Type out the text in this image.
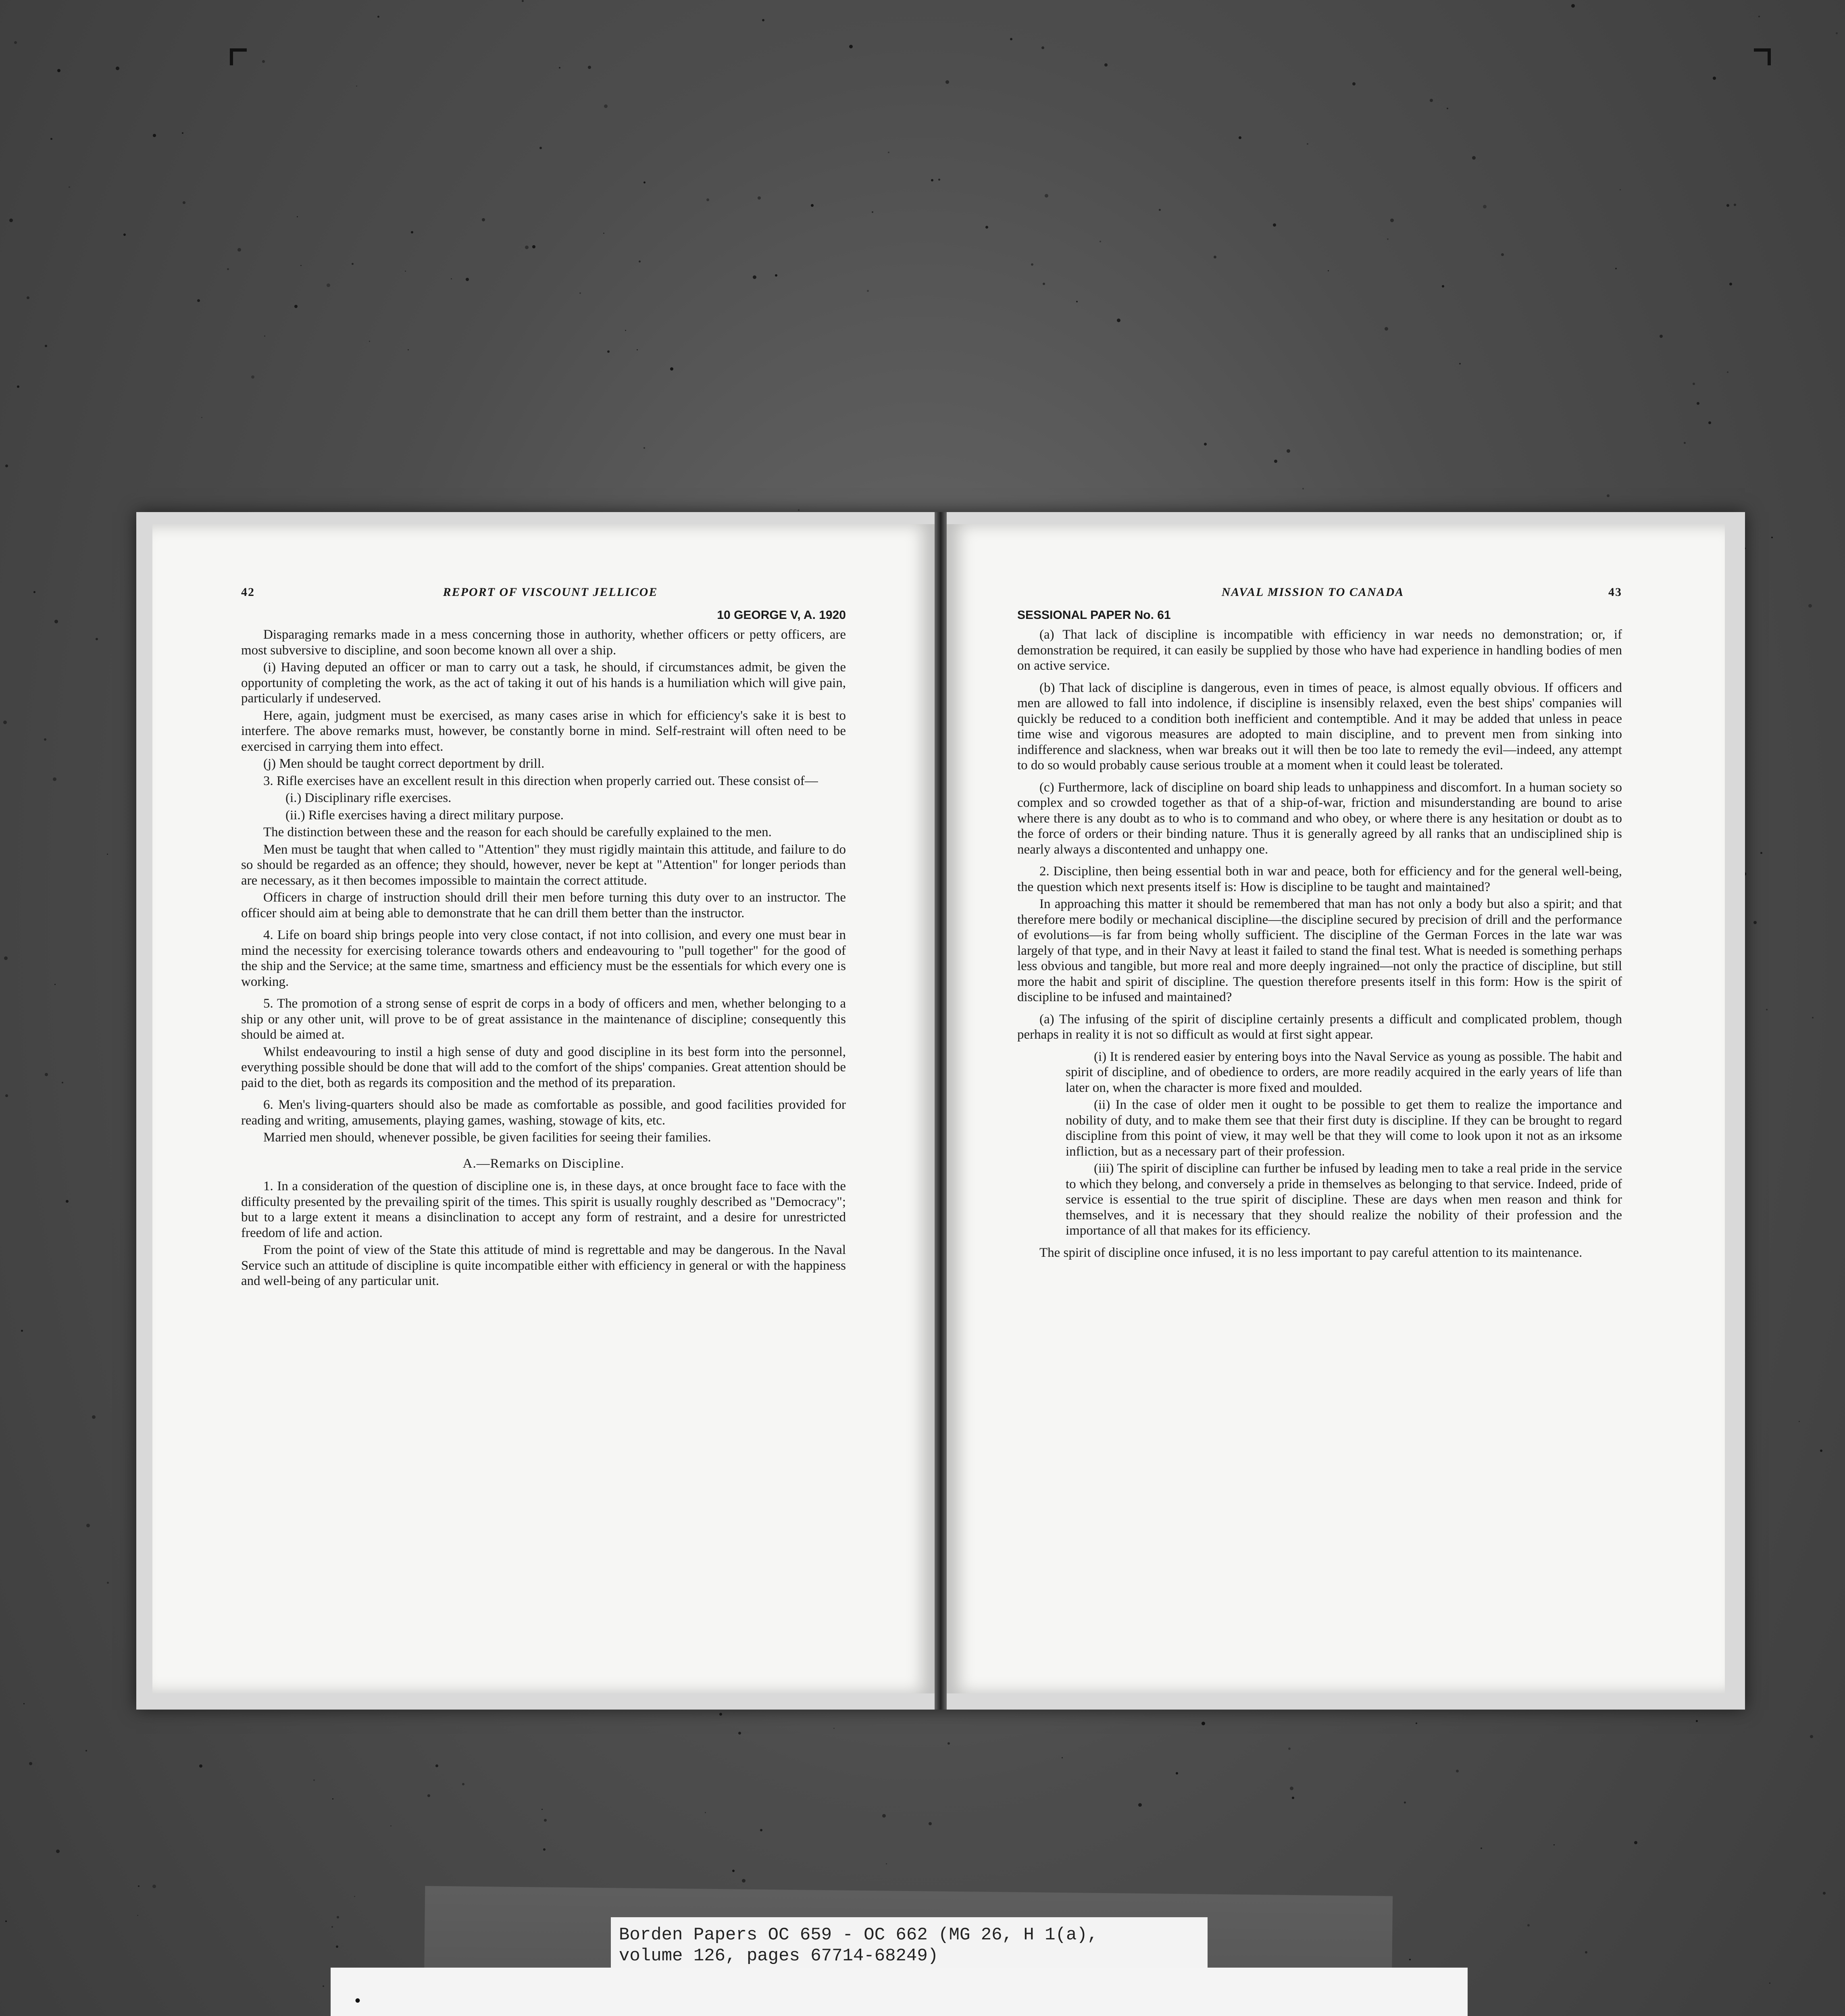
42	REPORT OF VISCOUNT JELLICOE
10 GEORGE V, A. 1920

Disparaging remarks made in a mess concerning those in authority, whether officers or petty officers, are most subversive to discipline, and soon become known all over a ship.

(i) Having deputed an officer or man to carry out a task, he should, if circumstances admit, be given the opportunity of completing the work, as the act of taking it out of his hands is a humiliation which will give pain, particularly if undeserved.

Here, again, judgment must be exercised, as many cases arise in which for efficiency's sake it is best to interfere. The above remarks must, however, be constantly borne in mind. Self-restraint will often need to be exercised in carrying them into effect.

(j) Men should be taught correct deportment by drill.

3. Rifle exercises have an excellent result in this direction when properly carried out. These consist of—

(i.) Disciplinary rifle exercises.

(ii.) Rifle exercises having a direct military purpose.

The distinction between these and the reason for each should be carefully explained to the men.

Men must be taught that when called to "Attention" they must rigidly maintain this attitude, and failure to do so should be regarded as an offence; they should, however, never be kept at "Attention" for longer periods than are necessary, as it then becomes impossible to maintain the correct attitude.

Officers in charge of instruction should drill their men before turning this duty over to an instructor. The officer should aim at being able to demonstrate that he can drill them better than the instructor.

4. Life on board ship brings people into very close contact, if not into collision, and every one must bear in mind the necessity for exercising tolerance towards others and endeavouring to "pull together" for the good of the ship and the Service; at the same time, smartness and efficiency must be the essentials for which every one is working.

5. The promotion of a strong sense of esprit de corps in a body of officers and men, whether belonging to a ship or any other unit, will prove to be of great assistance in the maintenance of discipline; consequently this should be aimed at.

Whilst endeavouring to instil a high sense of duty and good discipline in its best form into the personnel, everything possible should be done that will add to the comfort of the ships' companies. Great attention should be paid to the diet, both as regards its composition and the method of its preparation.

6. Men's living-quarters should also be made as comfortable as possible, and good facilities provided for reading and writing, amusements, playing games, washing, stowage of kits, etc.

Married men should, whenever possible, be given facilities for seeing their families.

A.—Remarks on Discipline.

1. In a consideration of the question of discipline one is, in these days, at once brought face to face with the difficulty presented by the prevailing spirit of the times. This spirit is usually roughly described as "Democracy"; but to a large extent it means a disinclination to accept any form of restraint, and a desire for unrestricted freedom of life and action.

From the point of view of the State this attitude of mind is regrettable and may be dangerous. In the Naval Service such an attitude of discipline is quite incompatible either with efficiency in general or with the happiness and well-being of any particular unit.

NAVAL MISSION TO CANADA	43
SESSIONAL PAPER No. 61

(a) That lack of discipline is incompatible with efficiency in war needs no demonstration; or, if demonstration be required, it can easily be supplied by those who have had experience in handling bodies of men on active service.

(b) That lack of discipline is dangerous, even in times of peace, is almost equally obvious. If officers and men are allowed to fall into indolence, if discipline is insensibly relaxed, even the best ships' companies will quickly be reduced to a condition both inefficient and contemptible. And it may be added that unless in peace time wise and vigorous measures are adopted to main discipline, and to prevent men from sinking into indifference and slackness, when war breaks out it will then be too late to remedy the evil—indeed, any attempt to do so would probably cause serious trouble at a moment when it could least be tolerated.

(c) Furthermore, lack of discipline on board ship leads to unhappiness and discomfort. In a human society so complex and so crowded together as that of a ship-of-war, friction and misunderstanding are bound to arise where there is any doubt as to who is to command and who obey, or where there is any hesitation or doubt as to the force of orders or their binding nature. Thus it is generally agreed by all ranks that an undisciplined ship is nearly always a discontented and unhappy one.

2. Discipline, then being essential both in war and peace, both for efficiency and for the general well-being, the question which next presents itself is: How is discipline to be taught and maintained?

In approaching this matter it should be remembered that man has not only a body but also a spirit; and that therefore mere bodily or mechanical discipline—the discipline secured by precision of drill and the performance of evolutions—is far from being wholly sufficient. The discipline of the German Forces in the late war was largely of that type, and in their Navy at least it failed to stand the final test. What is needed is something perhaps less obvious and tangible, but more real and more deeply ingrained—not only the practice of discipline, but still more the habit and spirit of discipline. The question therefore presents itself in this form: How is the spirit of discipline to be infused and maintained?

(a) The infusing of the spirit of discipline certainly presents a difficult and complicated problem, though perhaps in reality it is not so difficult as would at first sight appear.

(i) It is rendered easier by entering boys into the Naval Service as young as possible. The habit and spirit of discipline, and of obedience to orders, are more readily acquired in the early years of life than later on, when the character is more fixed and moulded.

(ii) In the case of older men it ought to be possible to get them to realize the importance and nobility of duty, and to make them see that their first duty is discipline. If they can be brought to regard discipline from this point of view, it may well be that they will come to look upon it not as an irksome infliction, but as a necessary part of their profession.

(iii) The spirit of discipline can further be infused by leading men to take a real pride in the service to which they belong, and conversely a pride in themselves as belonging to that service. Indeed, pride of service is essential to the true spirit of discipline. These are days when men reason and think for themselves, and it is necessary that they should realize the nobility of their profession and the importance of all that makes for its efficiency.

The spirit of discipline once infused, it is no less important to pay careful attention to its maintenance.

Borden Papers OC 659 - OC 662 (MG 26, H 1(a),
volume 126, pages 67714-68249)
•
